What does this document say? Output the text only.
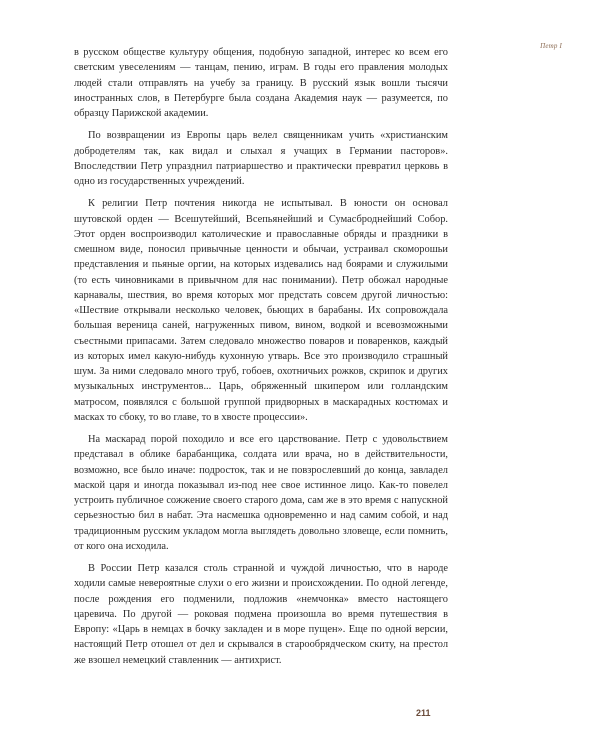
Петр I

в русском обществе культуру общения, подобную западной, интерес ко всем его светским увеселениям — танцам, пению, играм. В годы его правления молодых людей стали отправлять на учебу за границу. В русский язык вошли тысячи иностранных слов, в Петербурге была создана Академия наук — разумеется, по образцу Парижской академии.

По возвращении из Европы царь велел священникам учить «христианским добродетелям так, как видал и слыхал я учащих в Германии пасторов». Впоследствии Петр упразднил патриаршество и практически превратил церковь в одно из государственных учреждений.

К религии Петр почтения никогда не испытывал. В юности он основал шутовской орден — Всешутейший, Всепьянейший и Сумасброднейший Собор. Этот орден воспроизводил католические и православные обряды и праздники в смешном виде, поносил привычные ценности и обычаи, устраивал скоморошьи представления и пьяные оргии, на которых издевались над боярами и служилыми (то есть чиновниками в привычном для нас понимании). Петр обожал народные карнавалы, шествия, во время которых мог предстать совсем другой личностью: «Шествие открывали несколько человек, бьющих в барабаны. Их сопровождала большая вереница саней, нагруженных пивом, вином, водкой и всевозможными съестными припасами. Затем следовало множество поваров и поваренков, каждый из которых имел какую-нибудь кухонную утварь. Все это производило страшный шум. За ними следовало много труб, гобоев, охотничьих рожков, скрипок и других музыкальных инструментов... Царь, обряженный шкипером или голландским матросом, появлялся с большой группой придворных в маскарадных костюмах и масках то сбоку, то во главе, то в хвосте процессии».

На маскарад порой походило и все его царствование. Петр с удовольствием представал в облике барабанщика, солдата или врача, но в действительности, возможно, все было иначе: подросток, так и не повзрослевший до конца, завладел маской царя и иногда показывал из-под нее свое истинное лицо. Как-то повелел устроить публичное сожжение своего старого дома, сам же в это время с напускной серьезностью бил в набат. Эта насмешка одновременно и над самим собой, и над традиционным русским укладом могла выглядеть довольно зловеще, если помнить, от кого она исходила.

В России Петр казался столь странной и чуждой личностью, что в народе ходили самые невероятные слухи о его жизни и происхождении. По одной легенде, после рождения его подменили, подложив «немчонка» вместо настоящего царевича. По другой — роковая подмена произошла во время путешествия в Европу: «Царь в немцах в бочку закладен и в море пущен». Еще по одной версии, настоящий Петр отошел от дел и скрывался в старообрядческом скиту, на престол же взошел немецкий ставленник — антихрист.

211
